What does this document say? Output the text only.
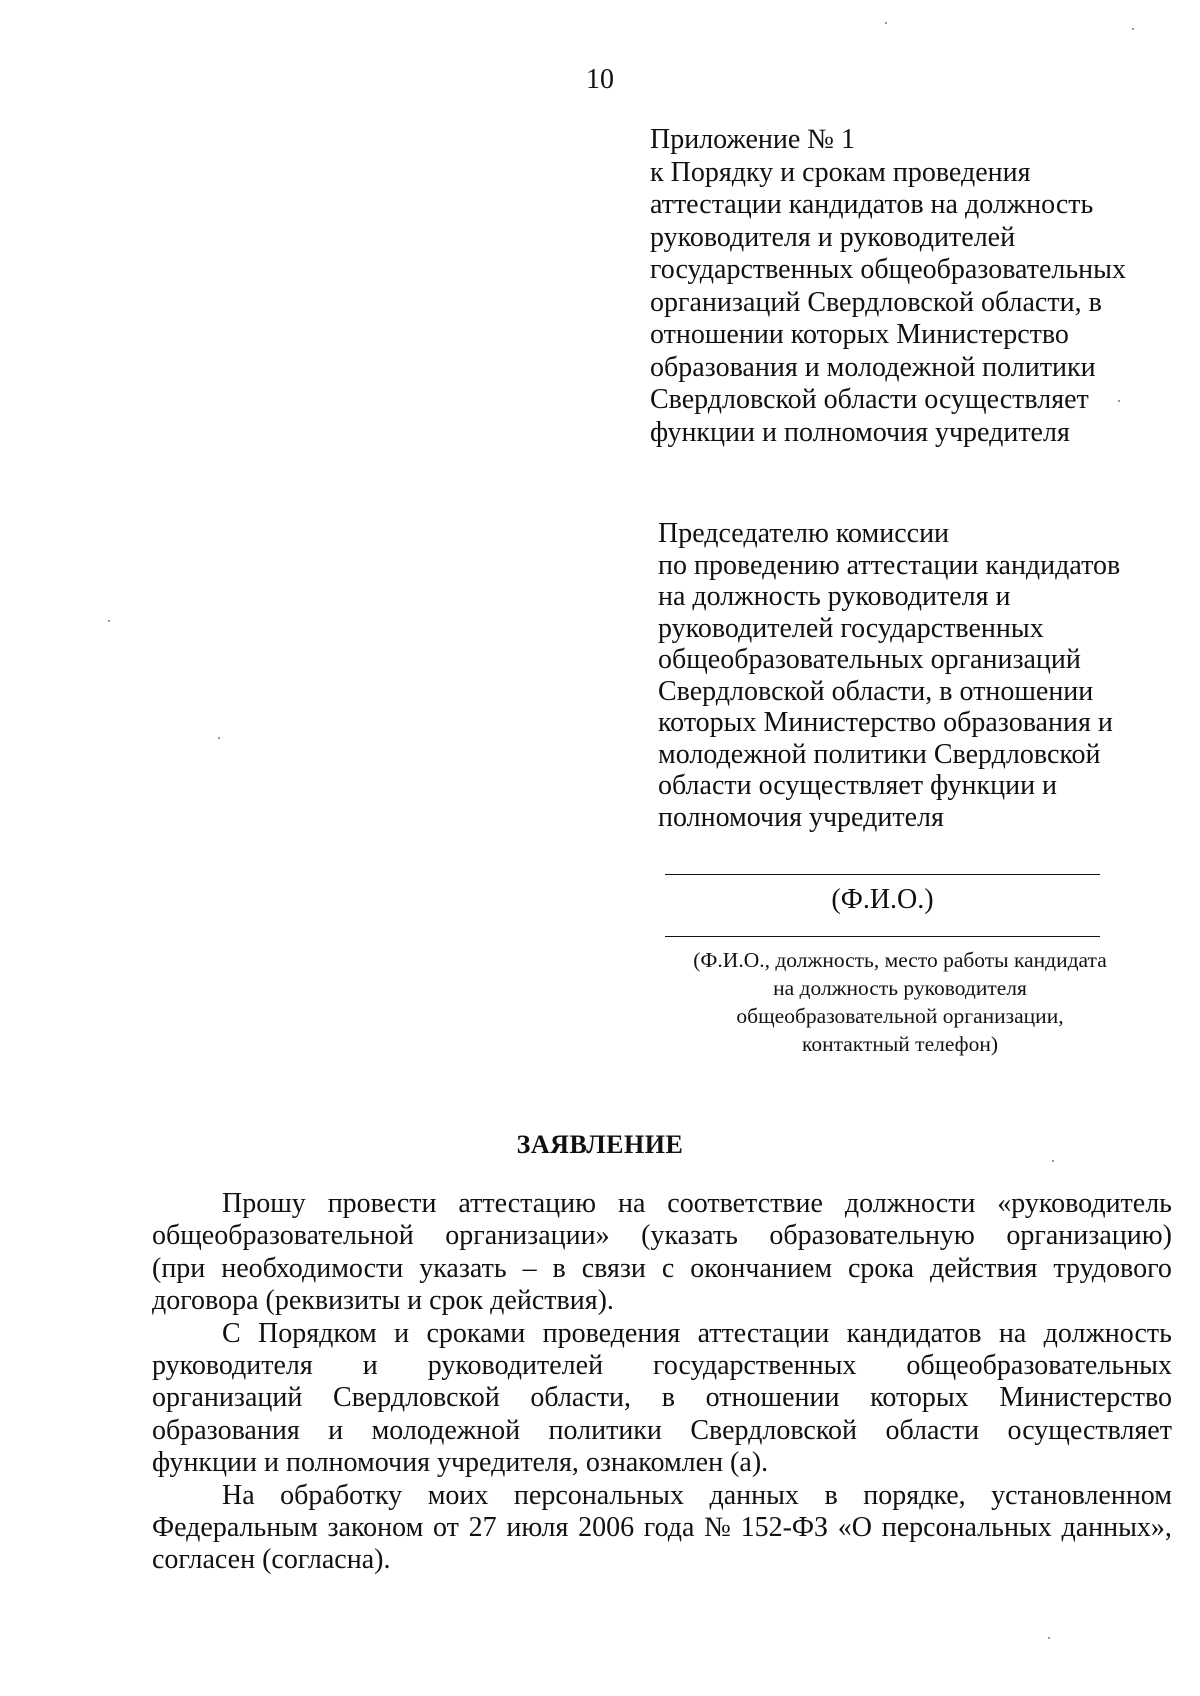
10
Приложение № 1
к Порядку и срокам проведения
аттестации кандидатов на должность
руководителя и руководителей
государственных общеобразовательных
организаций Свердловской области, в
отношении которых Министерство
образования и молодежной политики
Свердловской области осуществляет
функции и полномочия учредителя
Председателю комиссии
по проведению аттестации кандидатов
на должность руководителя и
руководителей государственных
общеобразовательных организаций
Свердловской области, в отношении
которых Министерство образования и
молодежной политики Свердловской
области осуществляет функции и
полномочия учредителя
(Ф.И.О.)
(Ф.И.О., должность, место работы кандидата
на должность руководителя
общеобразовательной организации,
контактный телефон)
ЗАЯВЛЕНИЕ
Прошу провести аттестацию на соответствие должности «руководитель
общеобразовательной организации» (указать образовательную организацию)
(при необходимости указать – в связи с окончанием срока действия трудового
договора (реквизиты и срок действия).
С Порядком и сроками проведения аттестации кандидатов на должность
руководителя и руководителей государственных общеобразовательных
организаций Свердловской области, в отношении которых Министерство
образования и молодежной политики Свердловской области осуществляет
функции и полномочия учредителя, ознакомлен (а).
На обработку моих персональных данных в порядке, установленном
Федеральным законом от 27 июля 2006 года № 152-ФЗ «О персональных данных»,
согласен (согласна).
